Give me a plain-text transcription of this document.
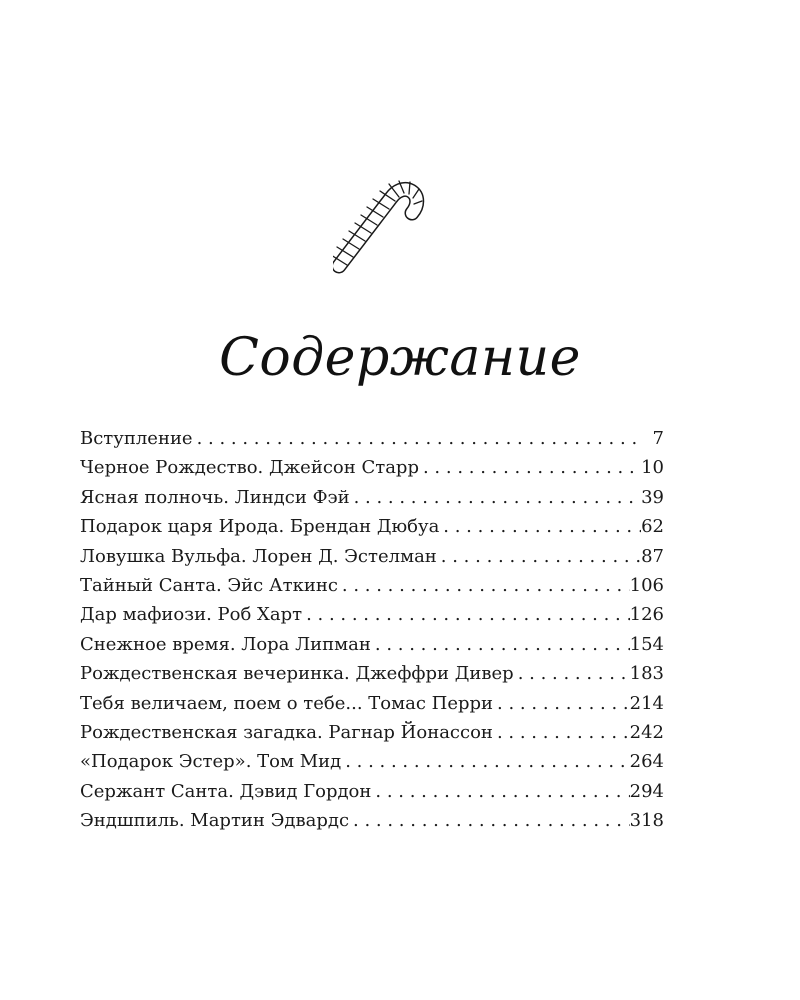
Содержание
Вступление . . .	7
Черное Рождество. Джейсон Старр . . .	10
Ясная полночь. Линдси Фэй . . .	39
Подарок царя Ирода. Брендан Дюбуа . . .	62
Ловушка Вульфа. Лорен Д. Эстелман . . .	87
Тайный Санта. Эйс Аткинс . . .	106
Дар мафиози. Роб Харт . . .	126
Снежное время. Лора Липман . . .	154
Рождественская вечеринка. Джеффри Дивер . . .	183
Тебя величаем, поем о тебе... Томас Перри . . .	214
Рождественская загадка. Рагнар Йонассон . . .	242
«Подарок Эстер». Том Мид . . .	264
Сержант Санта. Дэвид Гордон . . .	294
Эндшпиль. Мартин Эдвардс . . .	318
